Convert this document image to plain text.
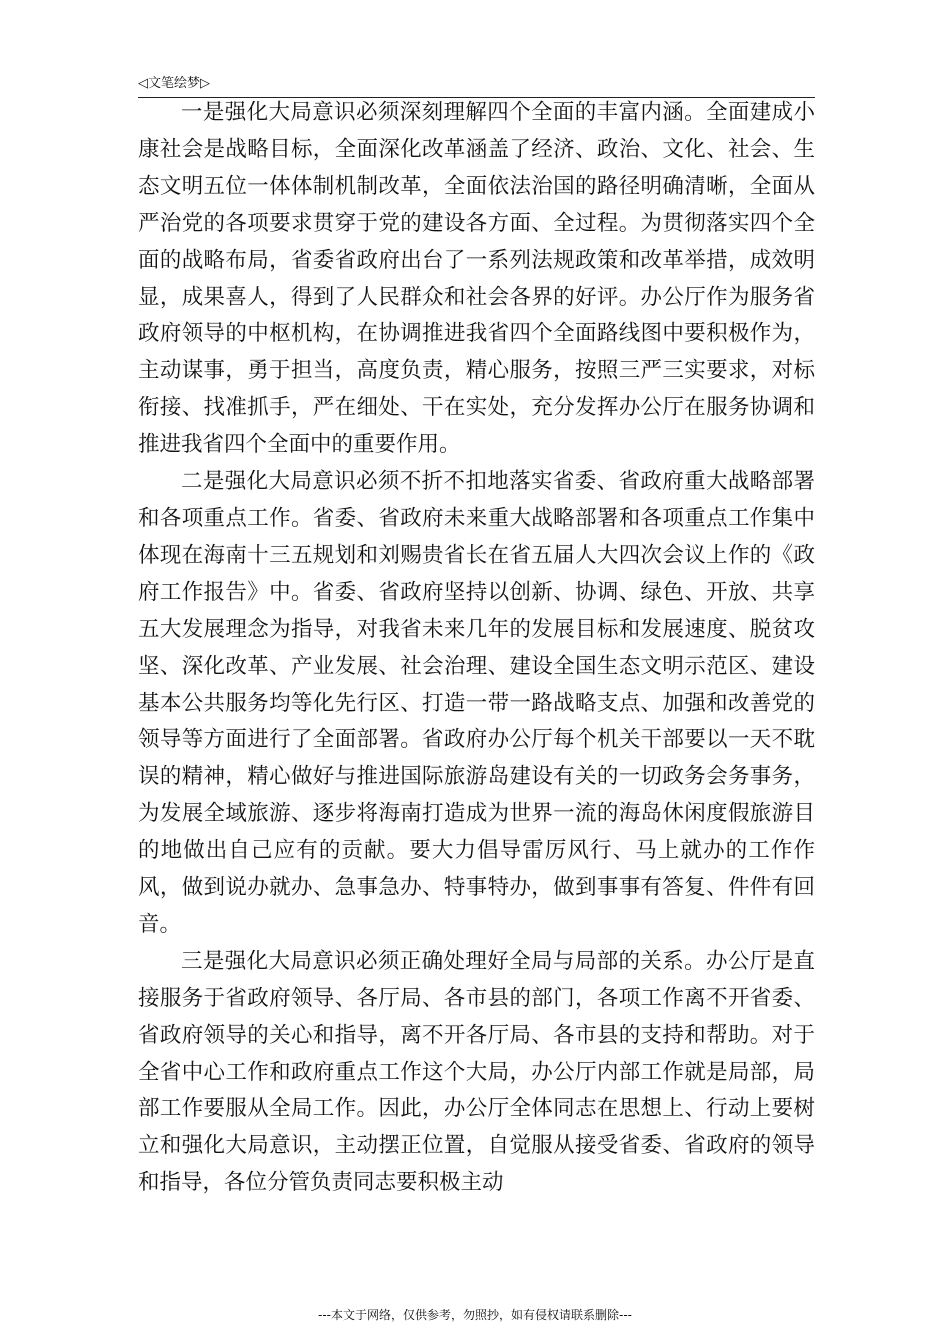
◁文笔绘梦▷

一是强化大局意识必须深刻理解四个全面的丰富内涵。全面建成小康社会是战略目标，全面深化改革涵盖了经济、政治、文化、社会、生态文明五位一体体制机制改革，全面依法治国的路径明确清晰，全面从严治党的各项要求贯穿于党的建设各方面、全过程。为贯彻落实四个全面的战略布局，省委省政府出台了一系列法规政策和改革举措，成效明显，成果喜人，得到了人民群众和社会各界的好评。办公厅作为服务省政府领导的中枢机构，在协调推进我省四个全面路线图中要积极作为，主动谋事，勇于担当，高度负责，精心服务，按照三严三实要求，对标衔接、找准抓手，严在细处、干在实处，充分发挥办公厅在服务协调和推进我省四个全面中的重要作用。

二是强化大局意识必须不折不扣地落实省委、省政府重大战略部署和各项重点工作。省委、省政府未来重大战略部署和各项重点工作集中体现在海南十三五规划和刘赐贵省长在省五届人大四次会议上作的《政府工作报告》中。省委、省政府坚持以创新、协调、绿色、开放、共享五大发展理念为指导，对我省未来几年的发展目标和发展速度、脱贫攻坚、深化改革、产业发展、社会治理、建设全国生态文明示范区、建设基本公共服务均等化先行区、打造一带一路战略支点、加强和改善党的领导等方面进行了全面部署。省政府办公厅每个机关干部要以一天不耽误的精神，精心做好与推进国际旅游岛建设有关的一切政务会务事务，为发展全域旅游、逐步将海南打造成为世界一流的海岛休闲度假旅游目的地做出自己应有的贡献。要大力倡导雷厉风行、马上就办的工作作风，做到说办就办、急事急办、特事特办，做到事事有答复、件件有回音。

三是强化大局意识必须正确处理好全局与局部的关系。办公厅是直接服务于省政府领导、各厅局、各市县的部门，各项工作离不开省委、省政府领导的关心和指导，离不开各厅局、各市县的支持和帮助。对于全省中心工作和政府重点工作这个大局，办公厅内部工作就是局部，局部工作要服从全局工作。因此，办公厅全体同志在思想上、行动上要树立和强化大局意识，主动摆正位置，自觉服从接受省委、省政府的领导和指导，各位分管负责同志要积极主动

---本文于网络，仅供参考，勿照抄，如有侵权请联系删除---
